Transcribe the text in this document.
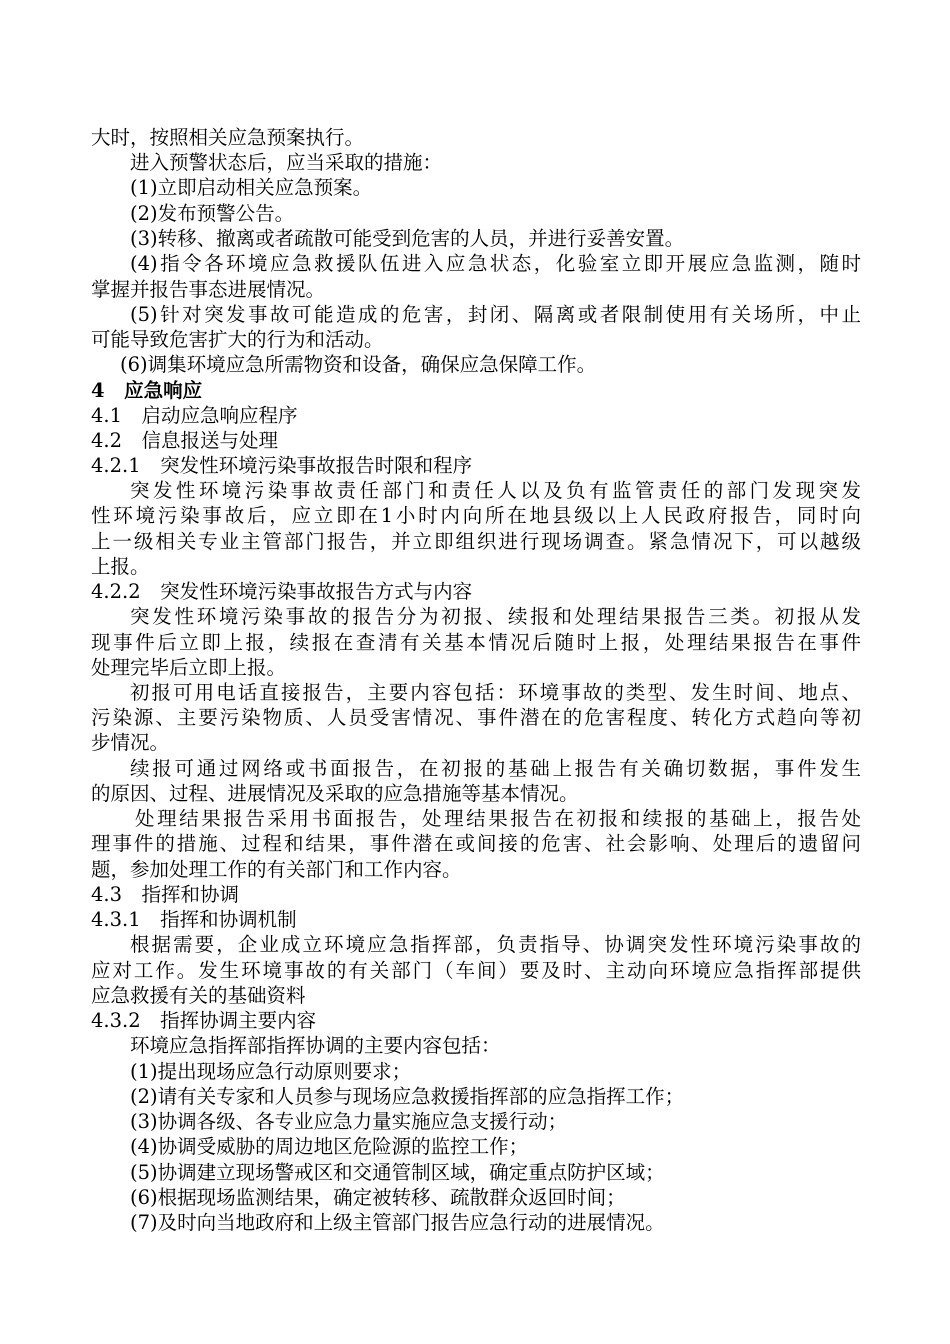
大时，按照相关应急预案执行。
进入预警状态后，应当采取的措施：
(1)立即启动相关应急预案。
(2)发布预警公告。
(3)转移、撤离或者疏散可能受到危害的人员，并进行妥善安置。
(4)指令各环境应急救援队伍进入应急状态，化验室立即开展应急监测，随时
掌握并报告事态进展情况。
(5)针对突发事故可能造成的危害，封闭、隔离或者限制使用有关场所，中止
可能导致危害扩大的行为和活动。
(6)调集环境应急所需物资和设备，确保应急保障工作。
4　应急响应
4.1　启动应急响应程序
4.2　信息报送与处理
4.2.1　突发性环境污染事故报告时限和程序
突发性环境污染事故责任部门和责任人以及负有监管责任的部门发现突发
性环境污染事故后，应立即在1小时内向所在地县级以上人民政府报告，同时向
上一级相关专业主管部门报告，并立即组织进行现场调查。紧急情况下，可以越级
上报。
4.2.2　突发性环境污染事故报告方式与内容
突发性环境污染事故的报告分为初报、续报和处理结果报告三类。初报从发
现事件后立即上报，续报在查清有关基本情况后随时上报，处理结果报告在事件
处理完毕后立即上报。
初报可用电话直接报告，主要内容包括：环境事故的类型、发生时间、地点、
污染源、主要污染物质、人员受害情况、事件潜在的危害程度、转化方式趋向等初
步情况。
续报可通过网络或书面报告，在初报的基础上报告有关确切数据，事件发生
的原因、过程、进展情况及采取的应急措施等基本情况。
处理结果报告采用书面报告，处理结果报告在初报和续报的基础上，报告处
理事件的措施、过程和结果，事件潜在或间接的危害、社会影响、处理后的遗留问
题，参加处理工作的有关部门和工作内容。
4.3　指挥和协调
4.3.1　指挥和协调机制
根据需要，企业成立环境应急指挥部，负责指导、协调突发性环境污染事故的
应对工作。发生环境事故的有关部门（车间）要及时、主动向环境应急指挥部提供
应急救援有关的基础资料
4.3.2　指挥协调主要内容
环境应急指挥部指挥协调的主要内容包括：
(1)提出现场应急行动原则要求；
(2)请有关专家和人员参与现场应急救援指挥部的应急指挥工作；
(3)协调各级、各专业应急力量实施应急支援行动；
(4)协调受威胁的周边地区危险源的监控工作；
(5)协调建立现场警戒区和交通管制区域，确定重点防护区域；
(6)根据现场监测结果，确定被转移、疏散群众返回时间；
(7)及时向当地政府和上级主管部门报告应急行动的进展情况。
